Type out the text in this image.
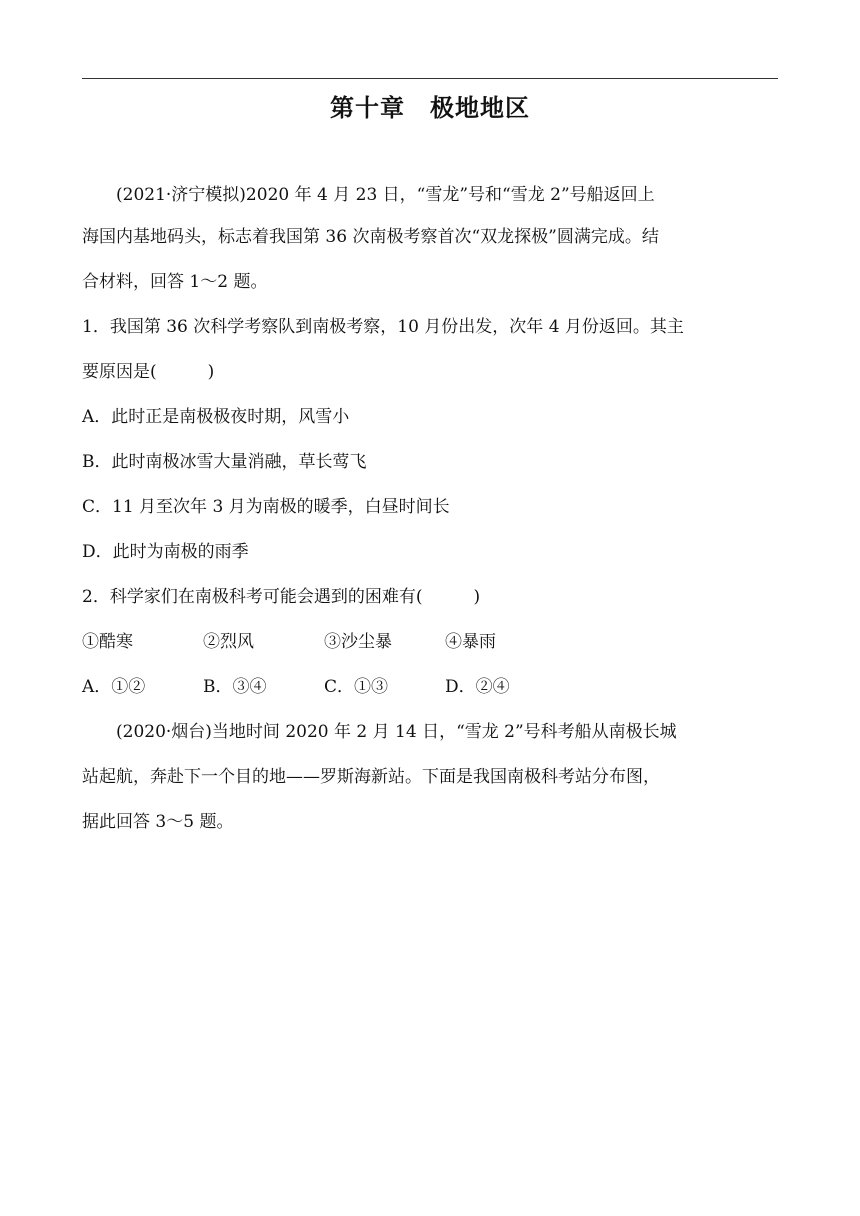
第十章　极地地区
(2021·济宁模拟)2020 年 4 月 23 日，“雪龙”号和“雪龙 2”号船返回上
海国内基地码头，标志着我国第 36 次南极考察首次“双龙探极”圆满完成。结
合材料，回答 1～2 题。
1．我国第 36 次科学考察队到南极考察，10 月份出发，次年 4 月份返回。其主
要原因是(　　　)
A．此时正是南极极夜时期，风雪小
B．此时南极冰雪大量消融，草长莺飞
C．11 月至次年 3 月为南极的暖季，白昼时间长
D．此时为南极的雨季
2．科学家们在南极科考可能会遇到的困难有(　　　)
①酷寒	②烈风	③沙尘暴	④暴雨
A．①②	B．③④	C．①③	D．②④
(2020·烟台)当地时间 2020 年 2 月 14 日，“雪龙 2”号科考船从南极长城
站起航，奔赴下一个目的地——罗斯海新站。下面是我国南极科考站分布图，
据此回答 3～5 题。
